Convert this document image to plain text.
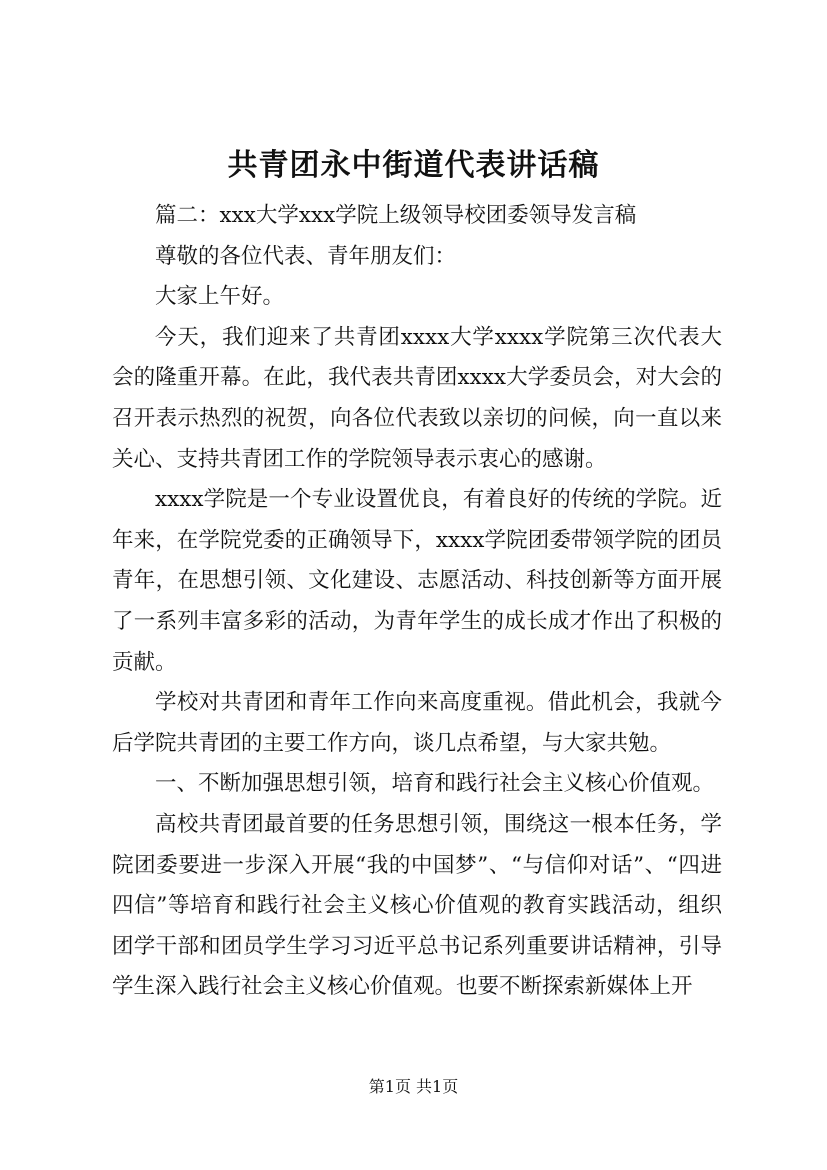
共青团永中街道代表讲话稿

篇二：xxx大学xxx学院上级领导校团委领导发言稿

尊敬的各位代表、青年朋友们：

大家上午好。

今天，我们迎来了共青团xxxx大学xxxx学院第三次代表大会的隆重开幕。在此，我代表共青团xxxx大学委员会，对大会的召开表示热烈的祝贺，向各位代表致以亲切的问候，向一直以来关心、支持共青团工作的学院领导表示衷心的感谢。

xxxx学院是一个专业设置优良，有着良好的传统的学院。近年来，在学院党委的正确领导下，xxxx学院团委带领学院的团员青年，在思想引领、文化建设、志愿活动、科技创新等方面开展了一系列丰富多彩的活动，为青年学生的成长成才作出了积极的贡献。

学校对共青团和青年工作向来高度重视。借此机会，我就今后学院共青团的主要工作方向，谈几点希望，与大家共勉。

一、不断加强思想引领，培育和践行社会主义核心价值观。

高校共青团最首要的任务思想引领，围绕这一根本任务，学院团委要进一步深入开展“我的中国梦”、“与信仰对话”、“四进四信”等培育和践行社会主义核心价值观的教育实践活动，组织团学干部和团员学生学习习近平总书记系列重要讲话精神，引导学生深入践行社会主义核心价值观。也要不断探索新媒体上开

第1页 共1页
